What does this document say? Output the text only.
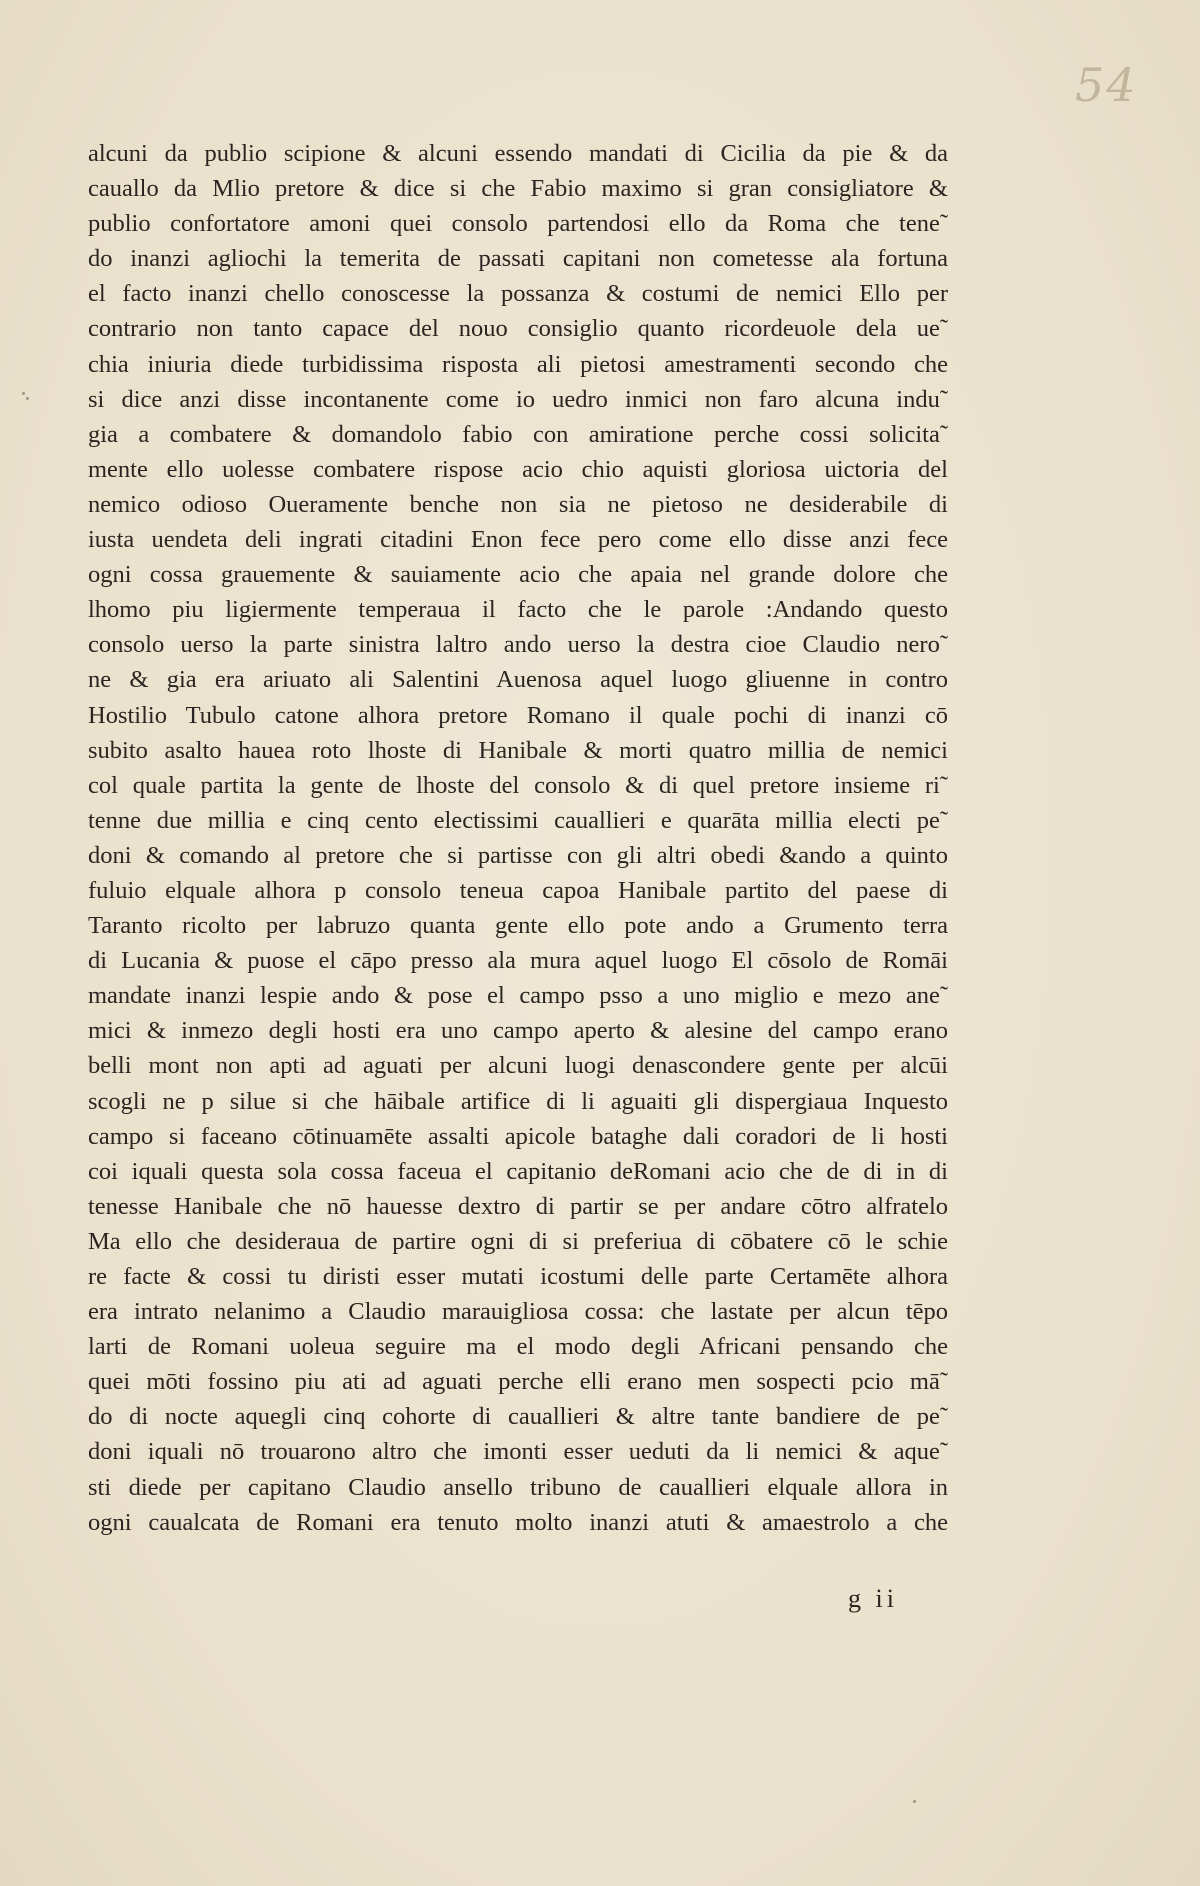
54
alcuni da publio scipione & alcuni essendo mandati di Cicilia da pie & da
cauallo da Mlio pretore & dice si che Fabio maximo si gran consigliatore &
publio confortatore amoni quei consolo partendosi ello da Roma che tene˜
do inanzi agliochi la temerita de passati capitani non cometesse ala fortuna
el facto inanzi chello conoscesse la possanza & costumi de nemici Ello per
contrario non tanto capace del nouo consiglio quanto ricordeuole dela ue˜
chia iniuria diede turbidissima risposta ali pietosi amestramenti secondo che
si dice anzi disse incontanente come io uedro inmici non faro alcuna indu˜
gia a combatere & domandolo fabio con amiratione perche cossi solicita˜
mente ello uolesse combatere rispose acio chio aquisti gloriosa uictoria del
nemico odioso Oueramente benche non sia ne pietoso ne desiderabile di
iusta uendeta deli ingrati citadini Enon fece pero come ello disse anzi fece
ogni cossa grauemente & sauiamente acio che apaia nel grande dolore che
lhomo piu ligiermente temperaua il facto che le parole :Andando questo
consolo uerso la parte sinistra laltro ando uerso la destra cioe Claudio nero˜
ne & gia era ariuato ali Salentini Auenosa aquel luogo gliuenne in contro
Hostilio Tubulo catone alhora pretore Romano il quale pochi di inanzi cō
subito asalto hauea roto lhoste di Hanibale & morti quatro millia de nemici
col quale partita la gente de lhoste del consolo & di quel pretore insieme ri˜
tenne due millia e cinq cento electissimi cauallieri e quarāta millia electi pe˜
doni & comando al pretore che si partisse con gli altri obedi &ando a quinto
fuluio elquale alhora p consolo teneua capoa Hanibale partito del paese di
Taranto ricolto per labruzo quanta gente ello pote ando a Grumento terra
di Lucania & puose el cāpo presso ala mura aquel luogo El cōsolo de Romāi
mandate inanzi lespie ando & pose el campo psso a uno miglio e mezo ane˜
mici & inmezo degli hosti era uno campo aperto & alesine del campo erano
belli mont non apti ad aguati per alcuni luogi denascondere gente per alcūi
scogli ne p silue si che hāibale artifice di li aguaiti gli dispergiaua Inquesto
campo si faceano cōtinuamēte assalti apicole bataghe dali coradori de li hosti
coi iquali questa sola cossa faceua el capitanio deRomani acio che de di in di
tenesse Hanibale che nō hauesse dextro di partir se per andare cōtro alfratelo
Ma ello che desideraua de partire ogni di si preferiua di cōbatere cō le schie
re facte & cossi tu diristi esser mutati icostumi delle parte Certamēte alhora
era intrato nelanimo a Claudio marauigliosa cossa: che lastate per alcun tēpo
larti de Romani uoleua seguire ma el modo degli Africani pensando che
quei mōti fossino piu ati ad aguati perche elli erano men sospecti pcio mā˜
do di nocte aquegli cinq cohorte di cauallieri & altre tante bandiere de pe˜
doni iquali nō trouarono altro che imonti esser ueduti da li nemici & aque˜
sti diede per capitano Claudio ansello tribuno de cauallieri elquale allora in
ogni caualcata de Romani era tenuto molto inanzi atuti & amaestrolo a che
g ii
